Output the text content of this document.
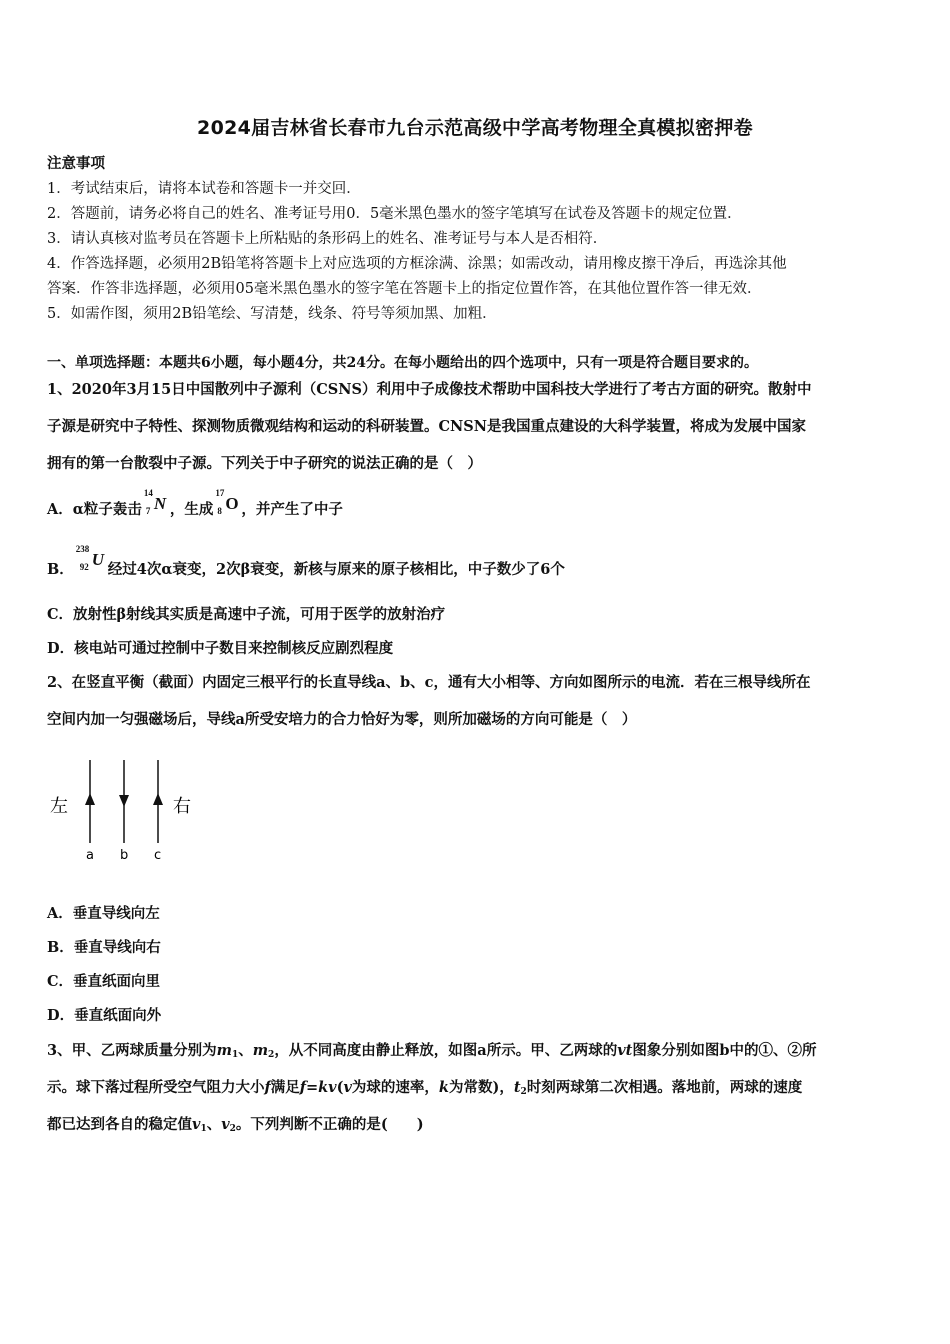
2024届吉林省长春市九台示范高级中学高考物理全真模拟密押卷
注意事项
1．考试结束后，请将本试卷和答题卡一并交回．
2．答题前，请务必将自己的姓名、准考证号用0．5毫米黑色墨水的签字笔填写在试卷及答题卡的规定位置．
3．请认真核对监考员在答题卡上所粘贴的条形码上的姓名、准考证号与本人是否相符．
4．作答选择题，必须用2B铅笔将答题卡上对应选项的方框涂满、涂黑；如需改动，请用橡皮擦干净后，再选涂其他
答案．作答非选择题，必须用05毫米黑色墨水的签字笔在答题卡上的指定位置作答，在其他位置作答一律无效．
5．如需作图，须用2B铅笔绘、写清楚，线条、符号等须加黑、加粗．
一、单项选择题：本题共6小题，每小题4分，共24分。在每小题给出的四个选项中，只有一项是符合题目要求的。
1、2020年3月15日中国散列中子源利（CSNS）利用中子成像技术帮助中国科技大学进行了考古方面的研究。散射中
子源是研究中子特性、探测物质微观结构和运动的科研装置。CNSN是我国重点建设的大科学装置，将成为发展中国家
拥有的第一台散裂中子源。下列关于中子研究的说法正确的是（　）
A．α粒子轰击
14
7 N ，生成
17
8 O ，并产生了中子
B．
238
92 U
经过4次α衰变，2次β衰变，新核与原来的原子核相比，中子数少了6个
C．放射性β射线其实质是高速中子流，可用于医学的放射治疗
D．核电站可通过控制中子数目来控制核反应剧烈程度
2、在竖直平衡（截面）内固定三根平行的长直导线a、b、c，通有大小相等、方向如图所示的电流．若在三根导线所在
空间内加一匀强磁场后，导线a所受安培力的合力恰好为零，则所加磁场的方向可能是（　）
左	右
a b c
A．垂直导线向左
B．垂直导线向右
C．垂直纸面向里
D．垂直纸面向外
3、甲、乙两球质量分别为$m_1$、$m_2$，从不同高度由静止释放，如图a所示。甲、乙两球的vt图象分别如图b中的①、②所
示。球下落过程所受空气阻力大小f满足f=kv(v为球的速率，k为常数)，$t_2$时刻两球第二次相遇。落地前，两球的速度
都已达到各自的稳定值$v_1$、$v_2$。下列判断不正确的是(　　)
